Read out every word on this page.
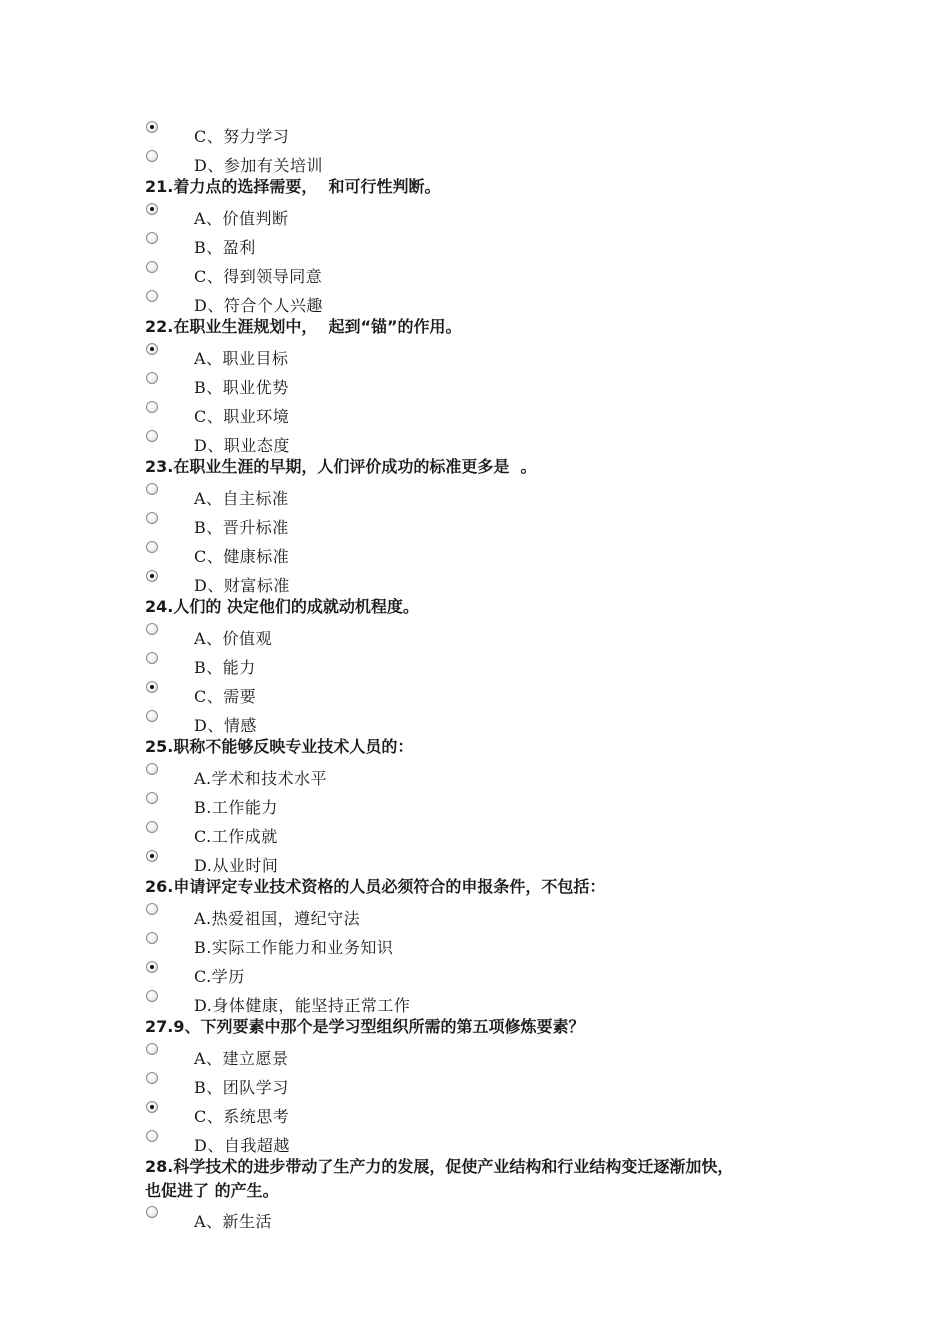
C、努力学习
D、参加有关培训
21.着力点的选择需要，  和可行性判断。
A、价值判断
B、盈利
C、得到领导同意
D、符合个人兴趣
22.在职业生涯规划中，  起到“锚”的作用。
A、职业目标
B、职业优势
C、职业环境
D、职业态度
23.在职业生涯的早期，人们评价成功的标准更多是  。
A、自主标准
B、晋升标准
C、健康标准
D、财富标准
24.人们的 决定他们的成就动机程度。
A、价值观
B、能力
C、需要
D、情感
25.职称不能够反映专业技术人员的：
A.学术和技术水平
B.工作能力
C.工作成就
D.从业时间
26.申请评定专业技术资格的人员必须符合的申报条件，不包括：
A.热爱祖国，遵纪守法
B.实际工作能力和业务知识
C.学历
D.身体健康，能坚持正常工作
27.9、下列要素中那个是学习型组织所需的第五项修炼要素？
A、建立愿景
B、团队学习
C、系统思考
D、自我超越
28.科学技术的进步带动了生产力的发展，促使产业结构和行业结构变迁逐渐加快，
也促进了 的产生。
A、新生活
